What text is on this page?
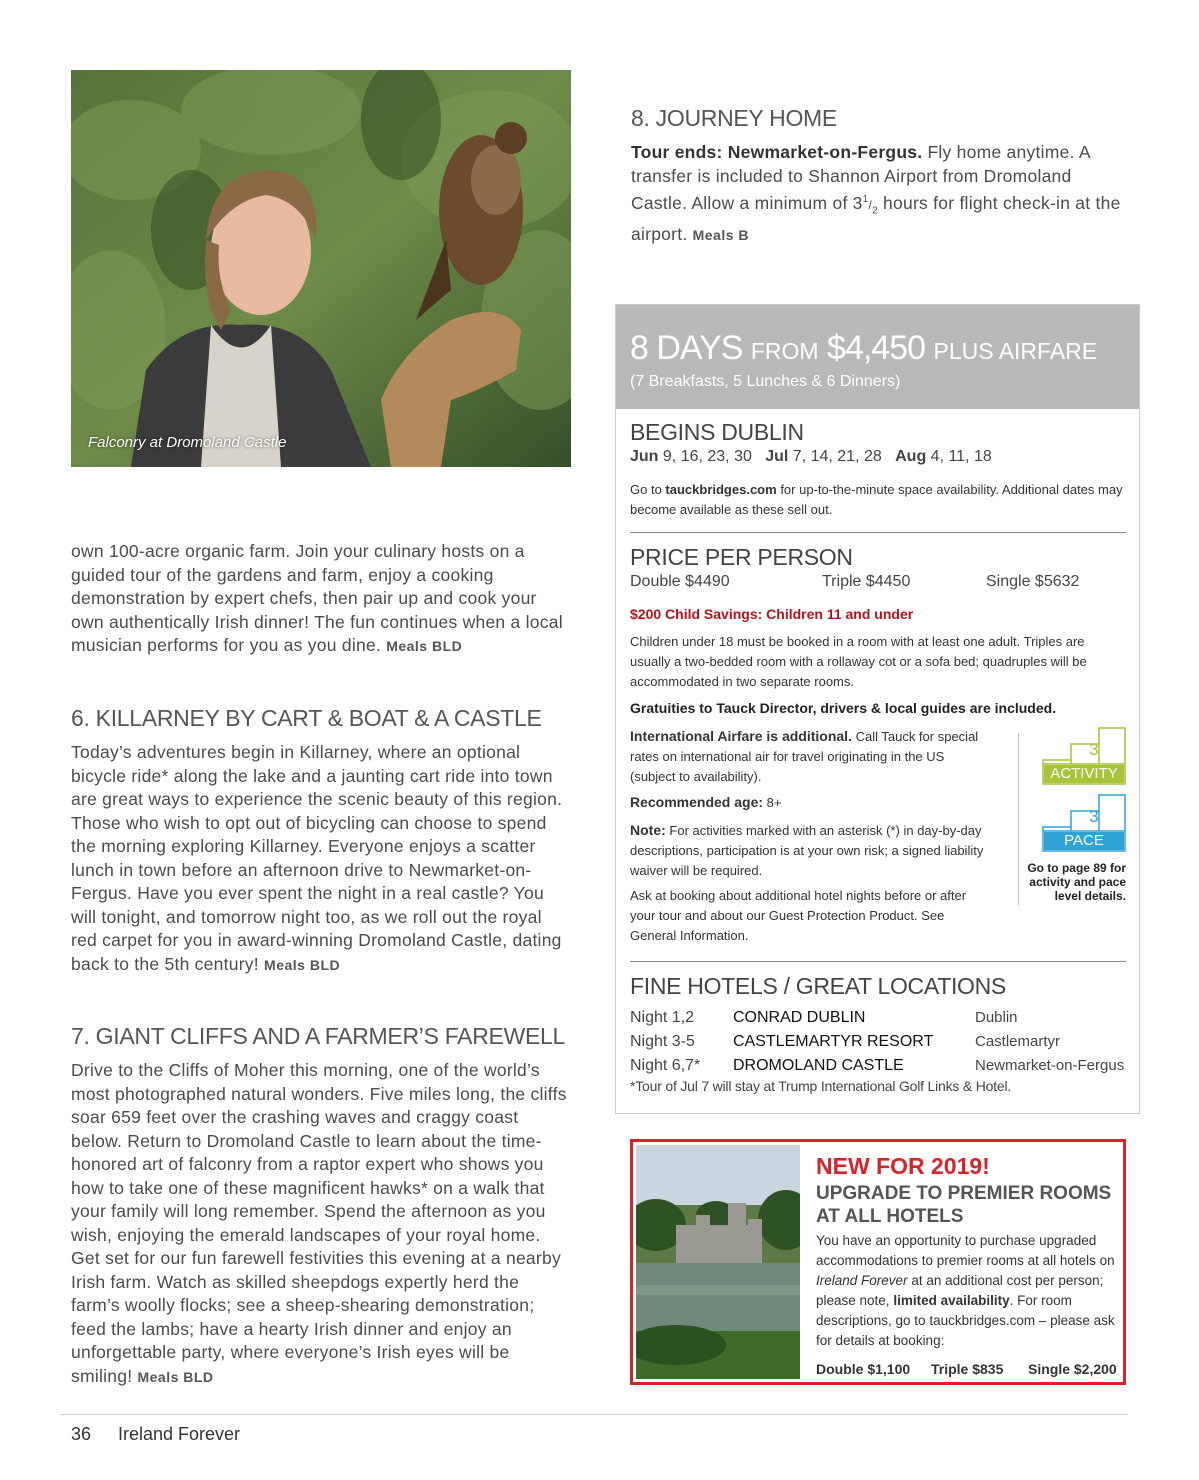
Falconry at Dromoland Castle
own 100-acre organic farm. Join your culinary hosts on a guided tour of the gardens and farm, enjoy a cooking demonstration by expert chefs, then pair up and cook your own authentically Irish dinner! The fun continues when a local musician performs for you as you dine. Meals BLD
6. KILLARNEY BY CART & BOAT & A CASTLE
Today’s adventures begin in Killarney, where an optional bicycle ride* along the lake and a jaunting cart ride into town are great ways to experience the scenic beauty of this region. Those who wish to opt out of bicycling can choose to spend the morning exploring Killarney. Everyone enjoys a scatter lunch in town before an afternoon drive to Newmarket-on-Fergus. Have you ever spent the night in a real castle? You will tonight, and tomorrow night too, as we roll out the royal red carpet for you in award-winning Dromoland Castle, dating back to the 5th century! Meals BLD
7. GIANT CLIFFS AND A FARMER’S FAREWELL
Drive to the Cliffs of Moher this morning, one of the world’s most photographed natural wonders. Five miles long, the cliffs soar 659 feet over the crashing waves and craggy coast below. Return to Dromoland Castle to learn about the time-honored art of falconry from a raptor expert who shows you how to take one of these magnificent hawks* on a walk that your family will long remember. Spend the afternoon as you wish, enjoying the emerald landscapes of your royal home. Get set for our fun farewell festivities this evening at a nearby Irish farm. Watch as skilled sheepdogs expertly herd the farm’s woolly flocks; see a sheep-shearing demonstration; feed the lambs; have a hearty Irish dinner and enjoy an unforgettable party, where everyone’s Irish eyes will be smiling! Meals BLD
8. JOURNEY HOME
Tour ends: Newmarket-on-Fergus. Fly home anytime. A transfer is included to Shannon Airport from Dromoland Castle. Allow a minimum of $3^1/_2$ hours for flight check-in at the airport. Meals B
8 DAYS FROM $4,450 PLUS AIRFARE
(7 Breakfasts, 5 Lunches & 6 Dinners)
BEGINS DUBLIN
Jun 9, 16, 23, 30 Jul 7, 14, 21, 28 Aug 4, 11, 18
Go to tauckbridges.com for up-to-the-minute space availability. Additional dates may become available as these sell out.
PRICE PER PERSON
Double $4490	Triple $4450	Single $5632
$200 Child Savings: Children 11 and under
Children under 18 must be booked in a room with at least one adult. Triples are usually a two-bedded room with a rollaway cot or a sofa bed; quadruples will be accommodated in two separate rooms.
Gratuities to Tauck Director, drivers & local guides are included.
International Airfare is additional. Call Tauck for special rates on international air for travel originating in the US (subject to availability).
Recommended age: 8+
Note: For activities marked with an asterisk (*) in day-by-day descriptions, participation is at your own risk; a signed liability waiver will be required.
Ask at booking about additional hotel nights before or after your tour and about our Guest Protection Product. See General Information.
3
ACTIVITY
3
PACE
Go to page 89 for activity and pace level details.
FINE HOTELS / GREAT LOCATIONS
Night 1,2 CONRAD DUBLIN	Dublin
Night 3-5 CASTLEMARTYR RESORT	Castlemartyr
Night 6,7* DROMOLAND CASTLE	Newmarket-on-Fergus
*Tour of Jul 7 will stay at Trump International Golf Links & Hotel.
NEW FOR 2019!
UPGRADE TO PREMIER ROOMS
AT ALL HOTELS
You have an opportunity to purchase upgraded accommodations to premier rooms at all hotels on Ireland Forever at an additional cost per person; please note, limited availability. For room descriptions, go to tauckbridges.com – please ask for details at booking:
Double $1,100 Triple $835 Single $2,200
36 Ireland Forever
